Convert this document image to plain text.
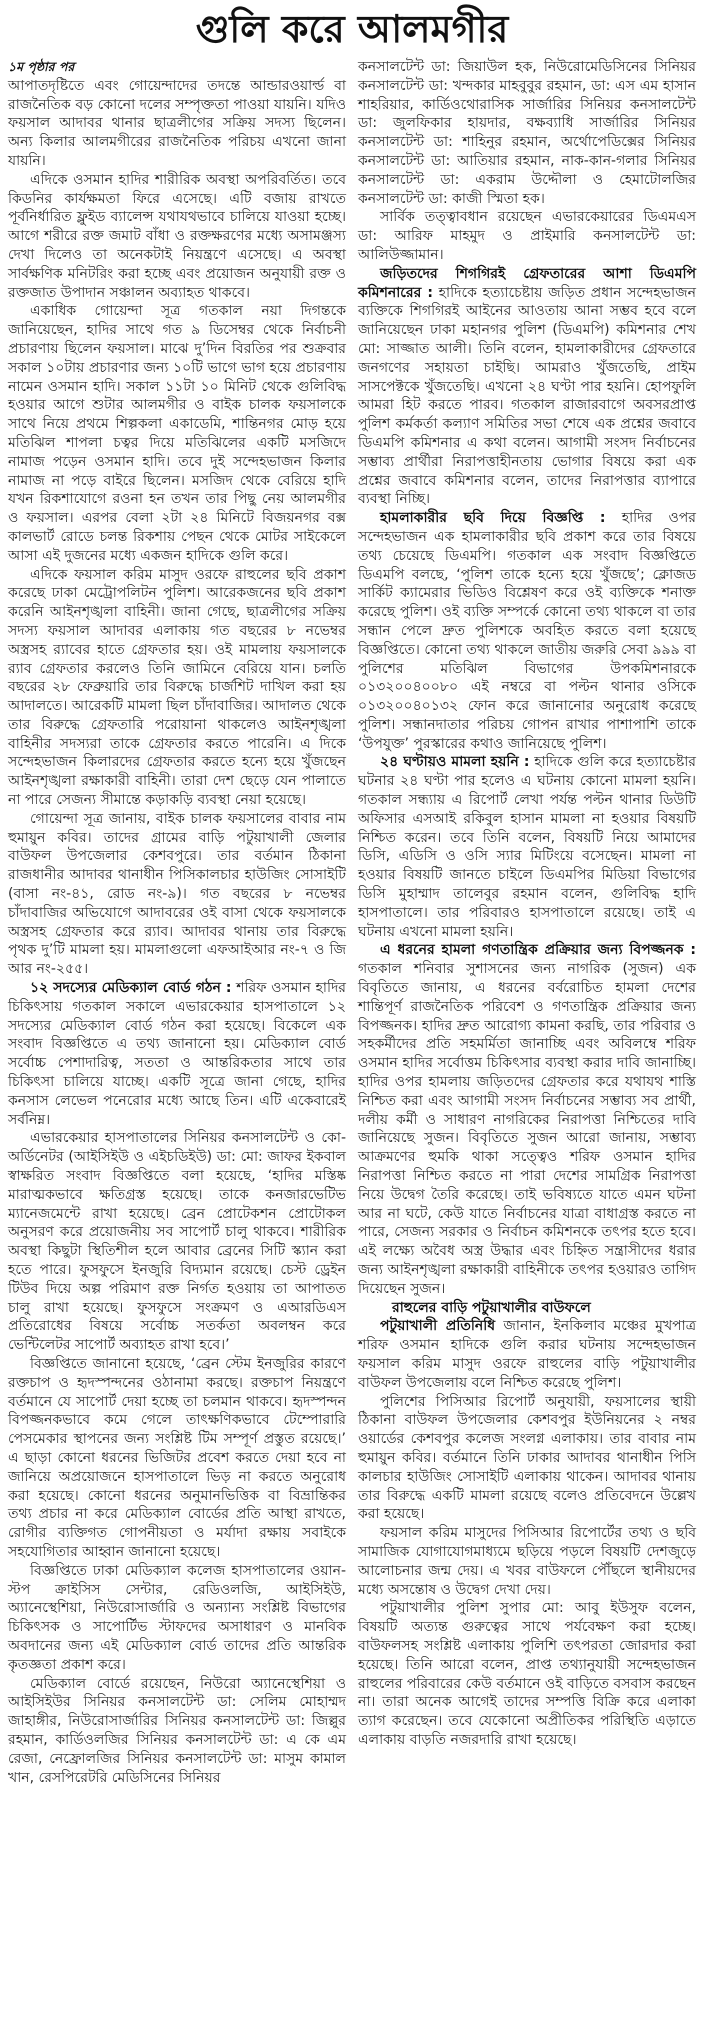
গুলি করে আলমগীর
১ম পৃষ্ঠার পর

আপাতদৃষ্টিতে এবং গোয়েন্দাদের তদন্তে আন্ডারওয়ার্ল্ড বা রাজনৈতিক বড় কোনো দলের সম্পৃক্ততা পাওয়া যায়নি। যদিও ফয়সাল আদাবর থানার ছাত্রলীগের সক্রিয় সদস্য ছিলেন। অন্য কিলার আলমগীরের রাজনৈতিক পরিচয় এখনো জানা যায়নি।

এদিকে ওসমান হাদির শারীরিক অবস্থা অপরিবর্তিত। তবে কিডনির কার্যক্ষমতা ফিরে এসেছে। এটি বজায় রাখতে পূর্বনির্ধারিত ফ্লুইড ব্যালেন্স যথাযথভাবে চালিয়ে যাওয়া হচ্ছে। আগে শরীরে রক্ত জমাট বাঁধা ও রক্তক্ষরণের মধ্যে অসামঞ্জস্য দেখা দিলেও তা অনেকটাই নিয়ন্ত্রণে এসেছে। এ অবস্থা সার্বক্ষণিক মনিটরিং করা হচ্ছে এবং প্রয়োজন অনুযায়ী রক্ত ও রক্তজাত উপাদান সঞ্চালন অব্যাহত থাকবে।

একাধিক গোয়েন্দা সূত্র গতকাল নয়া দিগন্তকে জানিয়েছেন, হাদির সাথে গত ৯ ডিসেম্বর থেকে নির্বাচনী প্রচারণায় ছিলেন ফয়সাল। মাঝে দু’দিন বিরতির পর শুক্রবার সকাল ১০টায় প্রচারণার জন্য ১০টি ভাগে ভাগ হয়ে প্রচারণায় নামেন ওসমান হাদি। সকাল ১১টা ১০ মিনিট থেকে গুলিবিদ্ধ হওয়ার আগে শুটার আলমগীর ও বাইক চালক ফয়সালকে সাথে নিয়ে প্রথমে শিল্পকলা একাডেমি, শান্তিনগর মোড় হয়ে মতিঝিল শাপলা চত্বর দিয়ে মতিঝিলের একটি মসজিদে নামাজ পড়েন ওসমান হাদি। তবে দুই সন্দেহভাজন কিলার নামাজ না পড়ে বাইরে ছিলেন। মসজিদ থেকে বেরিয়ে হাদি যখন রিকশাযোগে রওনা হন তখন তার পিছু নেয় আলমগীর ও ফয়সাল। এরপর বেলা ২টা ২৪ মিনিটে বিজয়নগর বক্স কালভার্ট রোডে চলন্ত রিকশায় পেছন থেকে মোটর সাইকেলে আসা এই দুজনের মধ্যে একজন হাদিকে গুলি করে।

এদিকে ফয়সাল করিম মাসুদ ওরফে রাহুলের ছবি প্রকাশ করেছে ঢাকা মেট্রোপলিটন পুলিশ। আরেকজনের ছবি প্রকাশ করেনি আইনশৃঙ্খলা বাহিনী। জানা গেছে, ছাত্রলীগের সক্রিয় সদস্য ফয়সাল আদাবর এলাকায় গত বছরের ৮ নভেম্বর অস্ত্রসহ র‌্যাবের হাতে গ্রেফতার হয়। ওই মামলায় ফয়সালকে র‌্যাব গ্রেফতার করলেও তিনি জামিনে বেরিয়ে যান। চলতি বছরের ২৮ ফেব্রুয়ারি তার বিরুদ্ধে চার্জশিট দাখিল করা হয় আদালতে। আরেকটি মামলা ছিল চাঁদাবাজির। আদালত থেকে তার বিরুদ্ধে গ্রেফতারি পরোয়ানা থাকলেও আইনশৃঙ্খলা বাহিনীর সদস্যরা তাকে গ্রেফতার করতে পারেনি। এ দিকে সন্দেহভাজন কিলারদের গ্রেফতার করতে হন্যে হয়ে খুঁজছেন আইনশৃঙ্খলা রক্ষাকারী বাহিনী। তারা দেশ ছেড়ে যেন পালাতে না পারে সেজন্য সীমান্তে কড়াকড়ি ব্যবস্থা নেয়া হয়েছে।

গোয়েন্দা সূত্র জানায়, বাইক চালক ফয়সালের বাবার নাম হুমায়ুন কবির। তাদের গ্রামের বাড়ি পটুয়াখালী জেলার বাউফল উপজেলার কেশবপুরে। তার বর্তমান ঠিকানা রাজধানীর আদাবর থানাধীন পিসিকালচার হাউজিং সোসাইটি (বাসা নং-৪১, রোড নং-৯)। গত বছরের ৮ নভেম্বর চাঁদাবাজির অভিযোগে আদাবরের ওই বাসা থেকে ফয়সালকে অস্ত্রসহ গ্রেফতার করে র‌্যাব। আদাবর থানায় তার বিরুদ্ধে পৃথক দু’টি মামলা হয়। মামলাগুলো এফআইআর নং-৭ ও জি আর নং-২৫৫।

১২ সদস্যের মেডিক্যাল বোর্ড গঠন : শরিফ ওসমান হাদির চিকিৎসায় গতকাল সকালে এভারকেয়ার হাসপাতালে ১২ সদস্যের মেডিক্যাল বোর্ড গঠন করা হয়েছে। বিকেলে এক সংবাদ বিজ্ঞপ্তিতে এ তথ্য জানানো হয়। মেডিক্যাল বোর্ড সর্বোচ্চ পেশাদারিত্ব, সততা ও আন্তরিকতার সাথে তার চিকিৎসা চালিয়ে যাচ্ছে। একটি সূত্রে জানা গেছে, হাদির কনসাস লেভেল পনেরোর মধ্যে আছে তিন। এটি একেবারেই সর্বনিম্ন।

এভারকেয়ার হাসপাতালের সিনিয়র কনসালটেন্ট ও কো-অর্ডিনেটর (আইসিইউ ও এইচডিইউ) ডা: মো: জাফর ইকবাল স্বাক্ষরিত সংবাদ বিজ্ঞপ্তিতে বলা হয়েছে, ‘হাদির মস্তিষ্ক মারাত্মকভাবে ক্ষতিগ্রস্ত হয়েছে। তাকে কনজারভেটিভ ম্যানেজমেন্টে রাখা হয়েছে। ব্রেন প্রোটেকশন প্রোটোকল অনুসরণ করে প্রয়োজনীয় সব সাপোর্ট চালু থাকবে। শারীরিক অবস্থা কিছুটা স্থিতিশীল হলে আবার ব্রেনের সিটি স্ক্যান করা হতে পারে। ফুসফুসে ইনজুরি বিদ্যমান রয়েছে। চেস্ট ড্রেইন টিউব দিয়ে অল্প পরিমাণ রক্ত নির্গত হওয়ায় তা আপাতত চালু রাখা হয়েছে। ফুসফুসে সংক্রমণ ও এআরডিএস প্রতিরোধের বিষয়ে সর্বোচ্চ সতর্কতা অবলম্বন করে ভেন্টিলেটর সাপোর্ট অব্যাহত রাখা হবে।’

বিজ্ঞপ্তিতে জানানো হয়েছে, ‘ব্রেন স্টেম ইনজুরির কারণে রক্তচাপ ও হৃদস্পন্দনের ওঠানামা করছে। রক্তচাপ নিয়ন্ত্রণে বর্তমানে যে সাপোর্ট দেয়া হচ্ছে তা চলমান থাকবে। হৃদস্পন্দন বিপজ্জনকভাবে কমে গেলে তাৎক্ষণিকভাবে টেম্পোরারি পেসমেকার স্থাপনের জন্য সংশ্লিষ্ট টিম সম্পূর্ণ প্রস্তুত রয়েছে।’ এ ছাড়া কোনো ধরনের ভিজিটর প্রবেশ করতে দেয়া হবে না জানিয়ে অপ্রয়োজনে হাসপাতালে ভিড় না করতে অনুরোধ করা হয়েছে। কোনো ধরনের অনুমানভিত্তিক বা বিভ্রান্তিকর তথ্য প্রচার না করে মেডিক্যাল বোর্ডের প্রতি আস্থা রাখতে, রোগীর ব্যক্তিগত গোপনীয়তা ও মর্যাদা রক্ষায় সবাইকে সহযোগিতার আহ্বান জানানো হয়েছে।

বিজ্ঞপ্তিতে ঢাকা মেডিক্যাল কলেজ হাসপাতালের ওয়ান-স্টপ ক্রাইসিস সেন্টার, রেডিওলজি, আইসিইউ, অ্যানেস্থেশিয়া, নিউরোসার্জারি ও অন্যান্য সংশ্লিষ্ট বিভাগের চিকিৎসক ও সাপোর্টিভ স্টাফদের অসাধারণ ও মানবিক অবদানের জন্য এই মেডিক্যাল বোর্ড তাদের প্রতি আন্তরিক কৃতজ্ঞতা প্রকাশ করে।

মেডিক্যাল বোর্ডে রয়েছেন, নিউরো অ্যানেস্থেশিয়া ও আইসিইউর সিনিয়র কনসালটেন্ট ডা: সেলিম মোহাম্মদ জাহাঙ্গীর, নিউরোসার্জারির সিনিয়র কনসালটেন্ট ডা: জিল্লুর রহমান, কার্ডিওলজির সিনিয়র কনসালটেন্ট ডা: এ কে এম রেজা, নেফ্রোলজির সিনিয়র কনসালটেন্ট ডা: মাসুম কামাল খান, রেসপিরেটরি মেডিসিনের সিনিয়র

কনসালটেন্ট ডা: জিয়াউল হক, নিউরোমেডিসিনের সিনিয়র কনসালটেন্ট ডা: খন্দকার মাহবুবুর রহমান, ডা: এস এম হাসান শাহরিয়ার, কার্ডিওথোরাসিক সার্জারির সিনিয়র কনসালটেন্ট ডা: জুলফিকার হায়দার, বক্ষব্যাধি সার্জারির সিনিয়র কনসালটেন্ট ডা: শাহিনুর রহমান, অর্থোপেডিক্সের সিনিয়র কনসালটেন্ট ডা: আতিয়ার রহমান, নাক-কান-গলার সিনিয়র কনসালটেন্ট ডা: একরাম উদ্দৌলা ও হেমাটোলজির কনসালটেন্ট ডা: কাজী স্মিতা হক।

সার্বিক তত্ত্বাবধান রয়েছেন এভারকেয়ারের ডিএমএস ডা: আরিফ মাহমুদ ও প্রাইমারি কনসালটেন্ট ডা: আলিউজ্জামান।

জড়িতদের শিগগিরই গ্রেফতারের আশা ডিএমপি কমিশনারের : হাদিকে হত্যাচেষ্টায় জড়িত প্রধান সন্দেহভাজন ব্যক্তিকে শিগগিরই আইনের আওতায় আনা সম্ভব হবে বলে জানিয়েছেন ঢাকা মহানগর পুলিশ (ডিএমপি) কমিশনার শেখ মো: সাজ্জাত আলী। তিনি বলেন, হামলাকারীদের গ্রেফতারে জনগণের সহায়তা চাইছি। আমরাও খুঁজতেছি, প্রাইম সাসপেক্টকে খুঁজতেছি। এখনো ২৪ ঘণ্টা পার হয়নি। হোপফুলি আমরা হিট করতে পারব। গতকাল রাজারবাগে অবসরপ্রাপ্ত পুলিশ কর্মকর্তা কল্যাণ সমিতির সভা শেষে এক প্রশ্নের জবাবে ডিএমপি কমিশনার এ কথা বলেন। আগামী সংসদ নির্বাচনের সম্ভাব্য প্রার্থীরা নিরাপত্তাহীনতায় ভোগার বিষয়ে করা এক প্রশ্নের জবাবে কমিশনার বলেন, তাদের নিরাপত্তার ব্যাপারে ব্যবস্থা নিচ্ছি।

হামলাকারীর ছবি দিয়ে বিজ্ঞপ্তি : হাদির ওপর সন্দেহভাজন এক হামলাকারীর ছবি প্রকাশ করে তার বিষয়ে তথ্য চেয়েছে ডিএমপি। গতকাল এক সংবাদ বিজ্ঞপ্তিতে ডিএমপি বলছে, ‘পুলিশ তাকে হন্যে হয়ে খুঁজছে’; ক্লোজড সার্কিট ক্যামেরার ভিডিও বিশ্লেষণ করে ওই ব্যক্তিকে শনাক্ত করেছে পুলিশ। ওই ব্যক্তি সম্পর্কে কোনো তথ্য থাকলে বা তার সন্ধান পেলে দ্রুত পুলিশকে অবহিত করতে বলা হয়েছে বিজ্ঞপ্তিতে। কোনো তথ্য থাকলে জাতীয় জরুরি সেবা ৯৯৯ বা পুলিশের মতিঝিল বিভাগের উপকমিশনারকে ০১৩২০০৪০০৮০ এই নম্বরে বা পল্টন থানার ওসিকে ০১৩২০০৪০১৩২ ফোন করে জানানোর অনুরোধ করেছে পুলিশ। সন্ধানদাতার পরিচয় গোপন রাখার পাশাপাশি তাকে ‘উপযুক্ত’ পুরস্কারের কথাও জানিয়েছে পুলিশ।

২৪ ঘণ্টায়ও মামলা হয়নি : হাদিকে গুলি করে হত্যাচেষ্টার ঘটনার ২৪ ঘণ্টা পার হলেও এ ঘটনায় কোনো মামলা হয়নি। গতকাল সন্ধ্যায় এ রিপোর্ট লেখা পর্যন্ত পল্টন থানার ডিউটি অফিসার এসআই রকিবুল হাসান মামলা না হওয়ার বিষয়টি নিশ্চিত করেন। তবে তিনি বলেন, বিষয়টি নিয়ে আমাদের ডিসি, এডিসি ও ওসি স্যার মিটিংয়ে বসেছেন। মামলা না হওয়ার বিষয়টি জানতে চাইলে ডিএমপির মিডিয়া বিভাগের ডিসি মুহাম্মাদ তালেবুর রহমান বলেন, গুলিবিদ্ধ হাদি হাসপাতালে। তার পরিবারও হাসপাতালে রয়েছে। তাই এ ঘটনায় এখনো মামলা হয়নি।

এ ধরনের হামলা গণতান্ত্রিক প্রক্রিয়ার জন্য বিপজ্জনক : গতকাল শনিবার সুশাসনের জন্য নাগরিক (সুজন) এক বিবৃতিতে জানায়, এ ধরনের বর্বরোচিত হামলা দেশের শান্তিপূর্ণ রাজনৈতিক পরিবেশ ও গণতান্ত্রিক প্রক্রিয়ার জন্য বিপজ্জনক। হাদির দ্রুত আরোগ্য কামনা করছি, তার পরিবার ও সহকর্মীদের প্রতি সহমর্মিতা জানাচ্ছি এবং অবিলম্বে শরিফ ওসমান হাদির সর্বোত্তম চিকিৎসার ব্যবস্থা করার দাবি জানাচ্ছি। হাদির ওপর হামলায় জড়িতদের গ্রেফতার করে যথাযথ শাস্তি নিশ্চিত করা এবং আগামী সংসদ নির্বাচনের সম্ভাব্য সব প্রার্থী, দলীয় কর্মী ও সাধারণ নাগরিকের নিরাপত্তা নিশ্চিতের দাবি জানিয়েছে সুজন। বিবৃতিতে সুজন আরো জানায়, সম্ভাব্য আক্রমণের হুমকি থাকা সত্ত্বেও শরিফ ওসমান হাদির নিরাপত্তা নিশ্চিত করতে না পারা দেশের সামগ্রিক নিরাপত্তা নিয়ে উদ্বেগ তৈরি করেছে। তাই ভবিষ্যতে যাতে এমন ঘটনা আর না ঘটে, কেউ যাতে নির্বাচনের যাত্রা বাধাগ্রস্ত করতে না পারে, সেজন্য সরকার ও নির্বাচন কমিশনকে তৎপর হতে হবে। এই লক্ষ্যে অবৈধ অস্ত্র উদ্ধার এবং চিহ্নিত সন্ত্রাসীদের ধরার জন্য আইনশৃঙ্খলা রক্ষাকারী বাহিনীকে তৎপর হওয়ারও তাগিদ দিয়েছেন সুজন।

রাহুলের বাড়ি পটুয়াখালীর বাউফলে

পটুয়াখালী প্রতিনিধি জানান, ইনকিলাব মঞ্চের মুখপাত্র শরিফ ওসমান হাদিকে গুলি করার ঘটনায় সন্দেহভাজন ফয়সাল করিম মাসুদ ওরফে রাহুলের বাড়ি পটুয়াখালীর বাউফল উপজেলায় বলে নিশ্চিত করেছে পুলিশ।

পুলিশের পিসিআর রিপোর্ট অনুযায়ী, ফয়সালের স্থায়ী ঠিকানা বাউফল উপজেলার কেশবপুর ইউনিয়নের ২ নম্বর ওয়ার্ডের কেশবপুর কলেজ সংলগ্ন এলাকায়। তার বাবার নাম হুমায়ুন কবির। বর্তমানে তিনি ঢাকার আদাবর থানাধীন পিসি কালচার হাউজিং সোসাইটি এলাকায় থাকেন। আদাবর থানায় তার বিরুদ্ধে একটি মামলা রয়েছে বলেও প্রতিবেদনে উল্লেখ করা হয়েছে।

ফয়সাল করিম মাসুদের পিসিআর রিপোর্টের তথ্য ও ছবি সামাজিক যোগাযোগমাধ্যমে ছড়িয়ে পড়লে বিষয়টি দেশজুড়ে আলোচনার জন্ম দেয়। এ খবর বাউফলে পৌঁছলে স্থানীয়দের মধ্যে অসন্তোষ ও উদ্বেগ দেখা দেয়।

পটুয়াখালীর পুলিশ সুপার মো: আবু ইউসুফ বলেন, বিষয়টি অত্যন্ত গুরুত্বের সাথে পর্যবেক্ষণ করা হচ্ছে। বাউফলসহ সংশ্লিষ্ট এলাকায় পুলিশি তৎপরতা জোরদার করা হয়েছে। তিনি আরো বলেন, প্রাপ্ত তথ্যানুযায়ী সন্দেহভাজন রাহুলের পরিবারের কেউ বর্তমানে ওই বাড়িতে বসবাস করছেন না। তারা অনেক আগেই তাদের সম্পত্তি বিক্রি করে এলাকা ত্যাগ করেছেন। তবে যেকোনো অপ্রীতিকর পরিস্থিতি এড়াতে এলাকায় বাড়তি নজরদারি রাখা হয়েছে।
